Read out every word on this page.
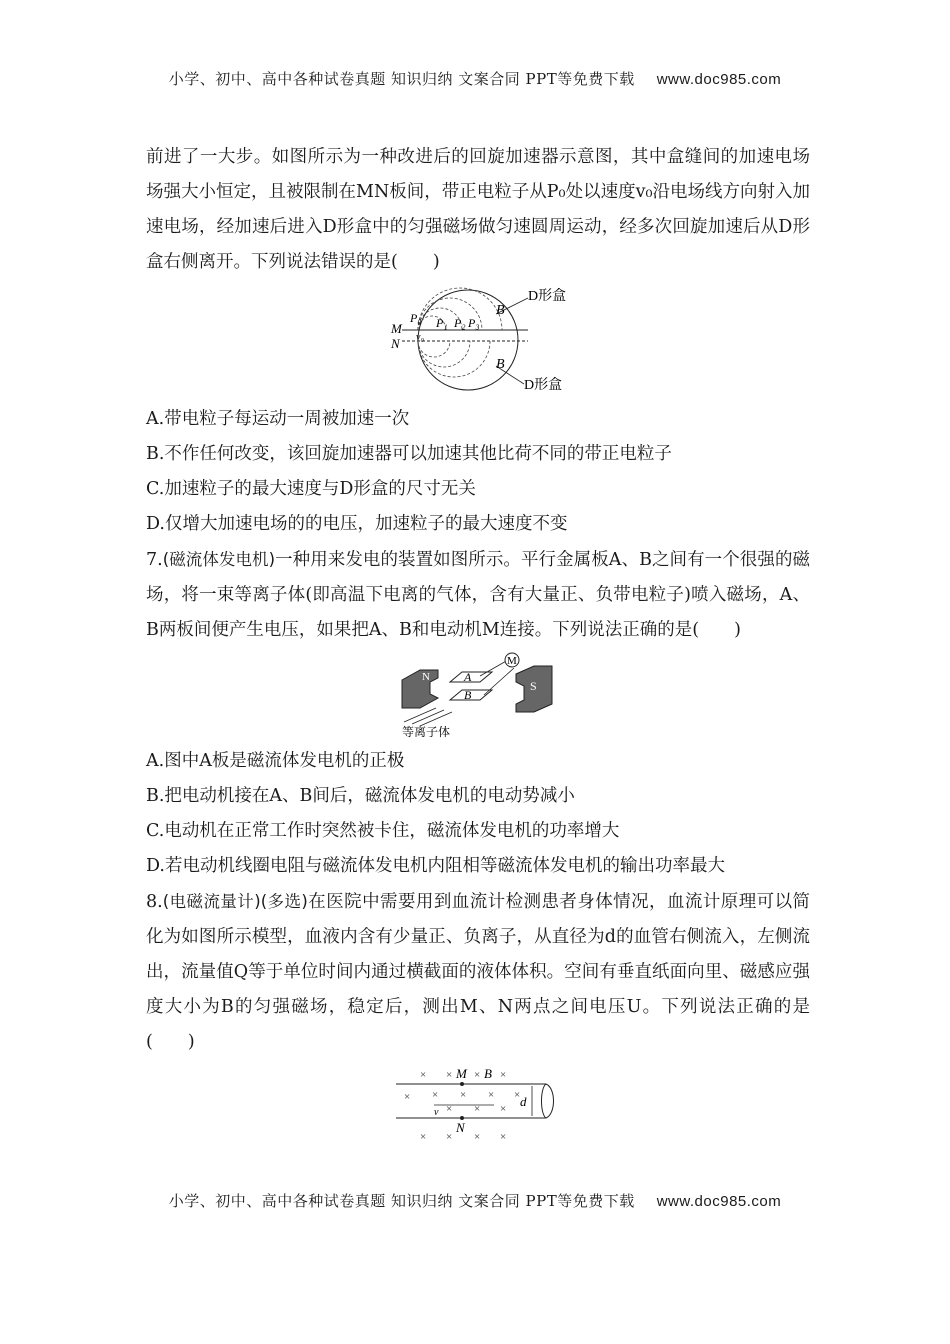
小学、初中、高中各种试卷真题 知识归纳 文案合同 PPT等免费下载 www.doc985.com

前进了一大步。如图所示为一种改进后的回旋加速器示意图，其中盒缝间的加速电场场强大小恒定，且被限制在MN板间，带正电粒子从P₀处以速度v₀沿电场线方向射入加速电场，经加速后进入D形盒中的匀强磁场做匀速圆周运动，经多次回旋加速后从D形盒右侧离开。下列说法错误的是(　　)

D形盒
D形盒
B
B
M
N
P₀ P₁ P₂ P₃
v₀

A.带电粒子每运动一周被加速一次

B.不作任何改变，该回旋加速器可以加速其他比荷不同的带正电粒子

C.加速粒子的最大速度与D形盒的尺寸无关

D.仅增大加速电场的的电压，加速粒子的最大速度不变

7.(磁流体发电机)一种用来发电的装置如图所示。平行金属板A、B之间有一个很强的磁场，将一束等离子体(即高温下电离的气体，含有大量正、负带电粒子)喷入磁场，A、B两板间便产生电压，如果把A、B和电动机M连接。下列说法正确的是(　　)

N
S
A
B
M
等离子体

A.图中A板是磁流体发电机的正极

B.把电动机接在A、B间后，磁流体发电机的电动势减小

C.电动机在正常工作时突然被卡住，磁流体发电机的功率增大

D.若电动机线圈电阻与磁流体发电机内阻相等磁流体发电机的输出功率最大

8.(电磁流量计)(多选)在医院中需要用到血流计检测患者身体情况，血流计原理可以简化为如图所示模型，血液内含有少量正、负离子，从直径为d的血管右侧流入，左侧流出，流量值Q等于单位时间内通过横截面的液体体积。空间有垂直纸面向里、磁感应强度大小为B的匀强磁场，稳定后，测出M、N两点之间电压U。下列说法正确的是(　　)

× × × ×
× × × × ×
× × ×
× × × ×
M B
N
d
v
小学、初中、高中各种试卷真题 知识归纳 文案合同 PPT等免费下载 www.doc985.com
